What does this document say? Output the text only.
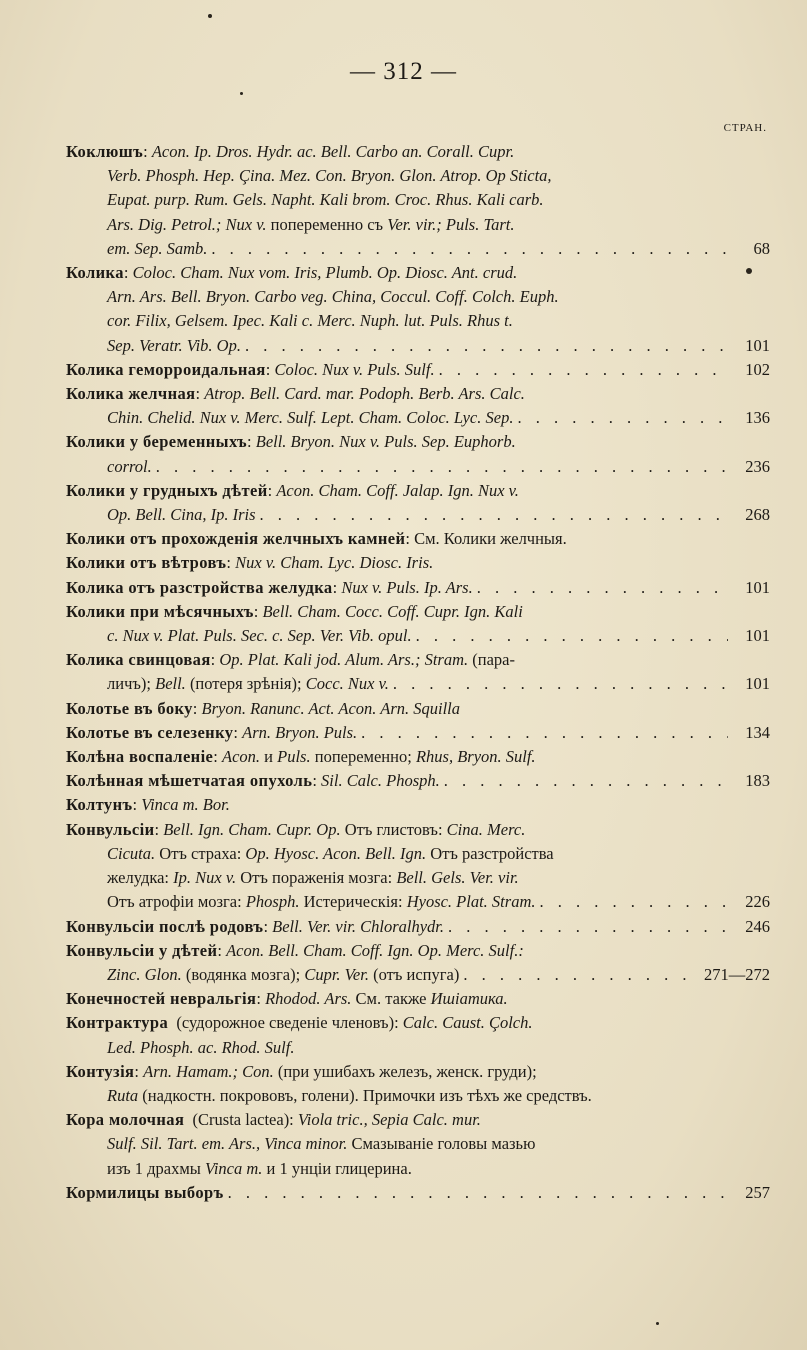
— 312 —
СТРАН.
Коклюшъ : Acon. Ip. Dros. Hydr. ac. Bell. Carbo an. Corall. Cupr.
Verb. Phosph. Hep. Çina. Mez. Con. Bryon. Glon. Atrop. Op Sticta,
Eupat. purp. Rum. Gels. Napht. Kali brom. Croc. Rhus. Kali carb.
Ars. Dig. Petrol.; Nux v. попеременно съ Ver. vir.; Puls. Tart.
em. Sep. Samb. . . .	68
Колика : Coloc. Cham. Nux vom. Iris, Plumb. Op. Diosc. Ant. crud.
Arn. Ars. Bell. Bryon. Carbo veg. China, Coccul. Coff. Colch. Euph.
cor. Filix, Gelsem. Ipec. Kali c. Merc. Nuph. lut. Puls. Rhus t.
Sep. Veratr. Vib. Op. . . .	101
Колика геморроидальная : Coloc. Nux v. Puls. Sulf. . . .	102
Колика желчная : Atrop. Bell. Card. mar. Podoph. Berb. Ars. Calc.
Chin. Chelid. Nux v. Merc. Sulf. Lept. Cham. Coloc. Lyc. Sep. . . .	136
Колики у беременныхъ : Bell. Bryon. Nux v. Puls. Sep. Euphorb.
corrol. . . .	236
Колики у грудныхъ дѣтей : Acon. Cham. Coff. Jalap. Ign. Nux v.
Op. Bell. Cina, Ip. Iris . . .	268
Колики отъ прохожденія желчныхъ камней : См. Колики желчныя.
Колики отъ вѣтровъ : Nux v. Cham. Lyc. Diosc. Iris.
Колика отъ разстройства желудка : Nux v. Puls. Ip. Ars. . . .	101
Колики при мѣсячныхъ : Bell. Cham. Cocc. Coff. Cupr. Ign. Kali
c. Nux v. Plat. Puls. Sec. c. Sep. Ver. Vib. opul. . . .	101
Колика свинцовая : Op. Plat. Kali jod. Alum. Ars.; Stram. (пара-
личъ); Bell. (потеря зрѣнія); Cocc. Nux v. . . .	101
Колотье въ боку : Bryon. Ranunc. Act. Acon. Arn. Squilla
Колотье въ селезенку : Arn. Bryon. Puls. . . .	134
Колѣна воспаленіе : Acon. и Puls. попеременно; Rhus, Bryon. Sulf.
Колѣнная мѣшетчатая опухоль : Sil. Calc. Phosph. . . .	183
Колтунъ : Vinca m. Bor.
Конвульсіи : Bell. Ign. Cham. Cupr. Op. Отъ глистовъ: Cina. Merc.
Cicuta. Отъ страха: Op. Hyosc. Acon. Bell. Ign. Отъ разстройства
желудка: Ip. Nux v. Отъ пораженія мозга: Bell. Gels. Ver. vir.
Отъ атрофіи мозга: Phosph. Истерическія: Hyosc. Plat. Stram. . . .	226
Конвульсіи послѣ родовъ : Bell. Ver. vir. Chloralhydr. . . .	246
Конвульсіи у дѣтей : Acon. Bell. Cham. Coff. Ign. Op. Merc. Sulf.:
Zinc. Glon. (водянка мозга); Cupr. Ver. (отъ испуга) . . .	271—272
Конечностей невральгія : Rhodod. Ars. См. также Ишіатика.
Контрактура (судорожное сведеніе членовъ): Calc. Caust. Çolch.
Led. Phosph. ac. Rhod. Sulf.
Контузія : Arn. Hamam.; Con. (при ушибахъ железъ, женск. груди);
Ruta (надкостн. покрововъ, голени). Примочки изъ тѣхъ же средствъ.
Кора молочная (Crusta lactea): Viola tric., Sepia Calc. mur.
Sulf. Sil. Tart. em. Ars., Vinca minor. Смазываніе головы мазью
изъ 1 драхмы Vinca m. и 1 унціи глицерина.
Кормилицы выборъ . . .	257
